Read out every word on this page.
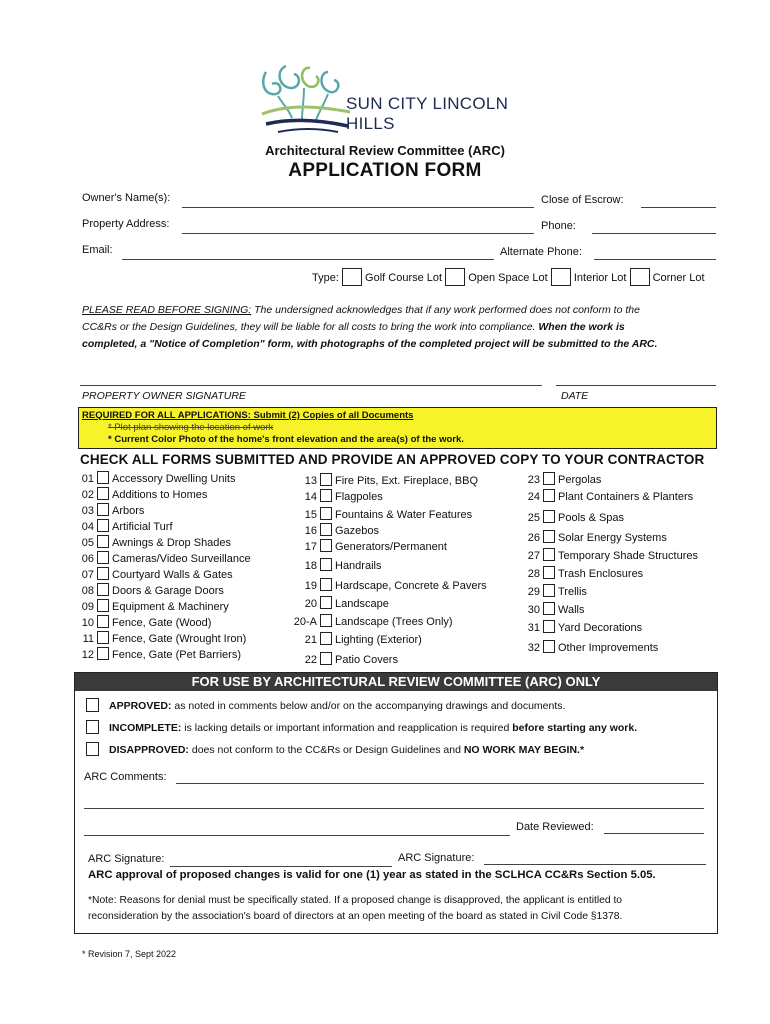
SUN CITY LINCOLN HILLS
Architectural Review Committee (ARC)
APPLICATION FORM
Owner's Name(s):	Close of Escrow:
Property Address:	Phone:
Email:	Alternate Phone:
Type: Golf Course Lot Open Space Lot Interior Lot Corner Lot
PLEASE READ BEFORE SIGNING: The undersigned acknowledges that if any work performed does not conform to the
CC&Rs or the Design Guidelines, they will be liable for all costs to bring the work into compliance. When the work is
completed, a "Notice of Completion" form, with photographs of the completed project will be submitted to the ARC.
PROPERTY OWNER SIGNATURE	DATE
REQUIRED FOR ALL APPLICATIONS: Submit (2) Copies of all Documents
* Plot plan showing the location of work
* Current Color Photo of the home's front elevation and the area(s) of the work.
CHECK ALL FORMS SUBMITTED AND PROVIDE AN APPROVED COPY TO YOUR CONTRACTOR
01 Accessory Dwelling Units
02 Additions to Homes
03 Arbors
04 Artificial Turf
05 Awnings & Drop Shades
06 Cameras/Video Surveillance
07 Courtyard Walls & Gates
08 Doors & Garage Doors
09 Equipment & Machinery
10 Fence, Gate (Wood)
11 Fence, Gate (Wrought Iron)
12 Fence, Gate (Pet Barriers)
13 Fire Pits, Ext. Fireplace, BBQ
14 Flagpoles
15 Fountains & Water Features
16 Gazebos
17 Generators/Permanent
18 Handrails
19 Hardscape, Concrete & Pavers
20 Landscape
20-A Landscape (Trees Only)
21 Lighting (Exterior)
22 Patio Covers
23 Pergolas
24 Plant Containers & Planters
25 Pools & Spas
26 Solar Energy Systems
27 Temporary Shade Structures
28 Trash Enclosures
29 Trellis
30 Walls
31 Yard Decorations
32 Other Improvements
FOR USE BY ARCHITECTURAL REVIEW COMMITTEE (ARC) ONLY
APPROVED: as noted in comments below and/or on the accompanying drawings and documents.
INCOMPLETE: is lacking details or important information and reapplication is required before starting any work.
DISAPPROVED: does not conform to the CC&Rs or Design Guidelines and NO WORK MAY BEGIN.*
ARC Comments:
Date Reviewed:
ARC Signature:	ARC Signature:
ARC approval of proposed changes is valid for one (1) year as stated in the SCLHCA CC&Rs Section 5.05.
*Note: Reasons for denial must be specifically stated. If a proposed change is disapproved, the applicant is entitled to
reconsideration by the association's board of directors at an open meeting of the board as stated in Civil Code §1378.
* Revision 7, Sept 2022
